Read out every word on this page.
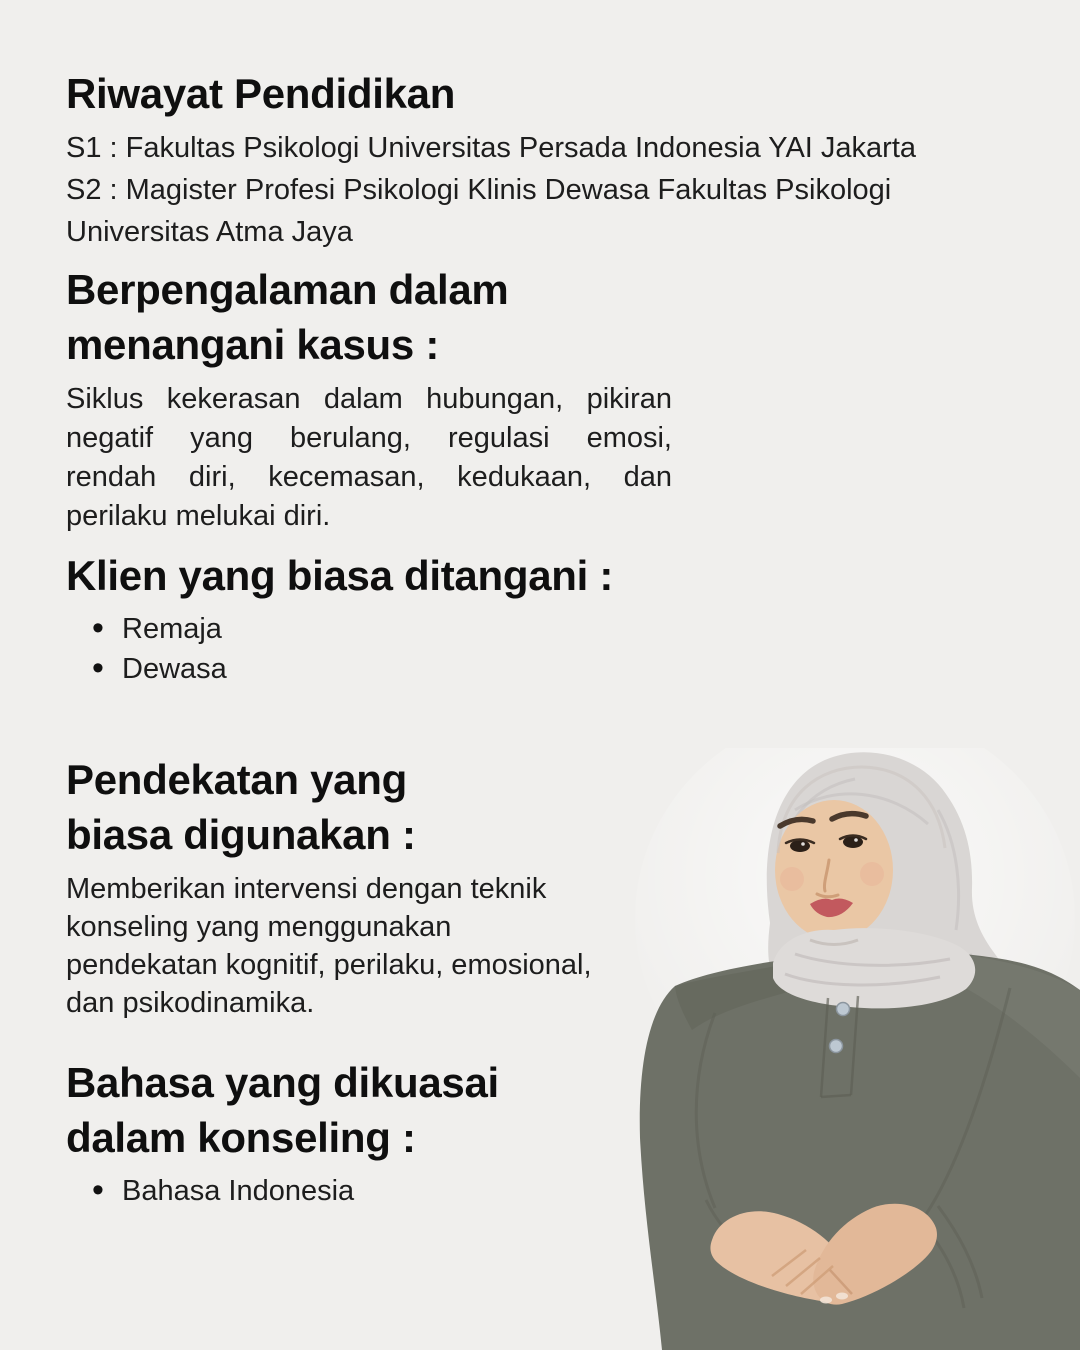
Riwayat Pendidikan

S1 : Fakultas Psikologi Universitas Persada Indonesia YAI Jakarta

S2 : Magister Profesi Psikologi Klinis Dewasa Fakultas Psikologi Universitas Atma Jaya

Berpengalaman dalam menangani kasus :
Siklus kekerasan dalam hubungan, pikiran
negatif yang berulang, regulasi emosi,
rendah diri, kecemasan, kedukaan, dan
perilaku melukai diri.
Klien yang biasa ditangani :
•
Remaja
•
Dewasa
Pendekatan yang biasa digunakan :
Memberikan intervensi dengan teknik
konseling yang menggunakan
pendekatan kognitif, perilaku, emosional,
dan psikodinamika.
Bahasa yang dikuasai dalam konseling :
•
Bahasa Indonesia
